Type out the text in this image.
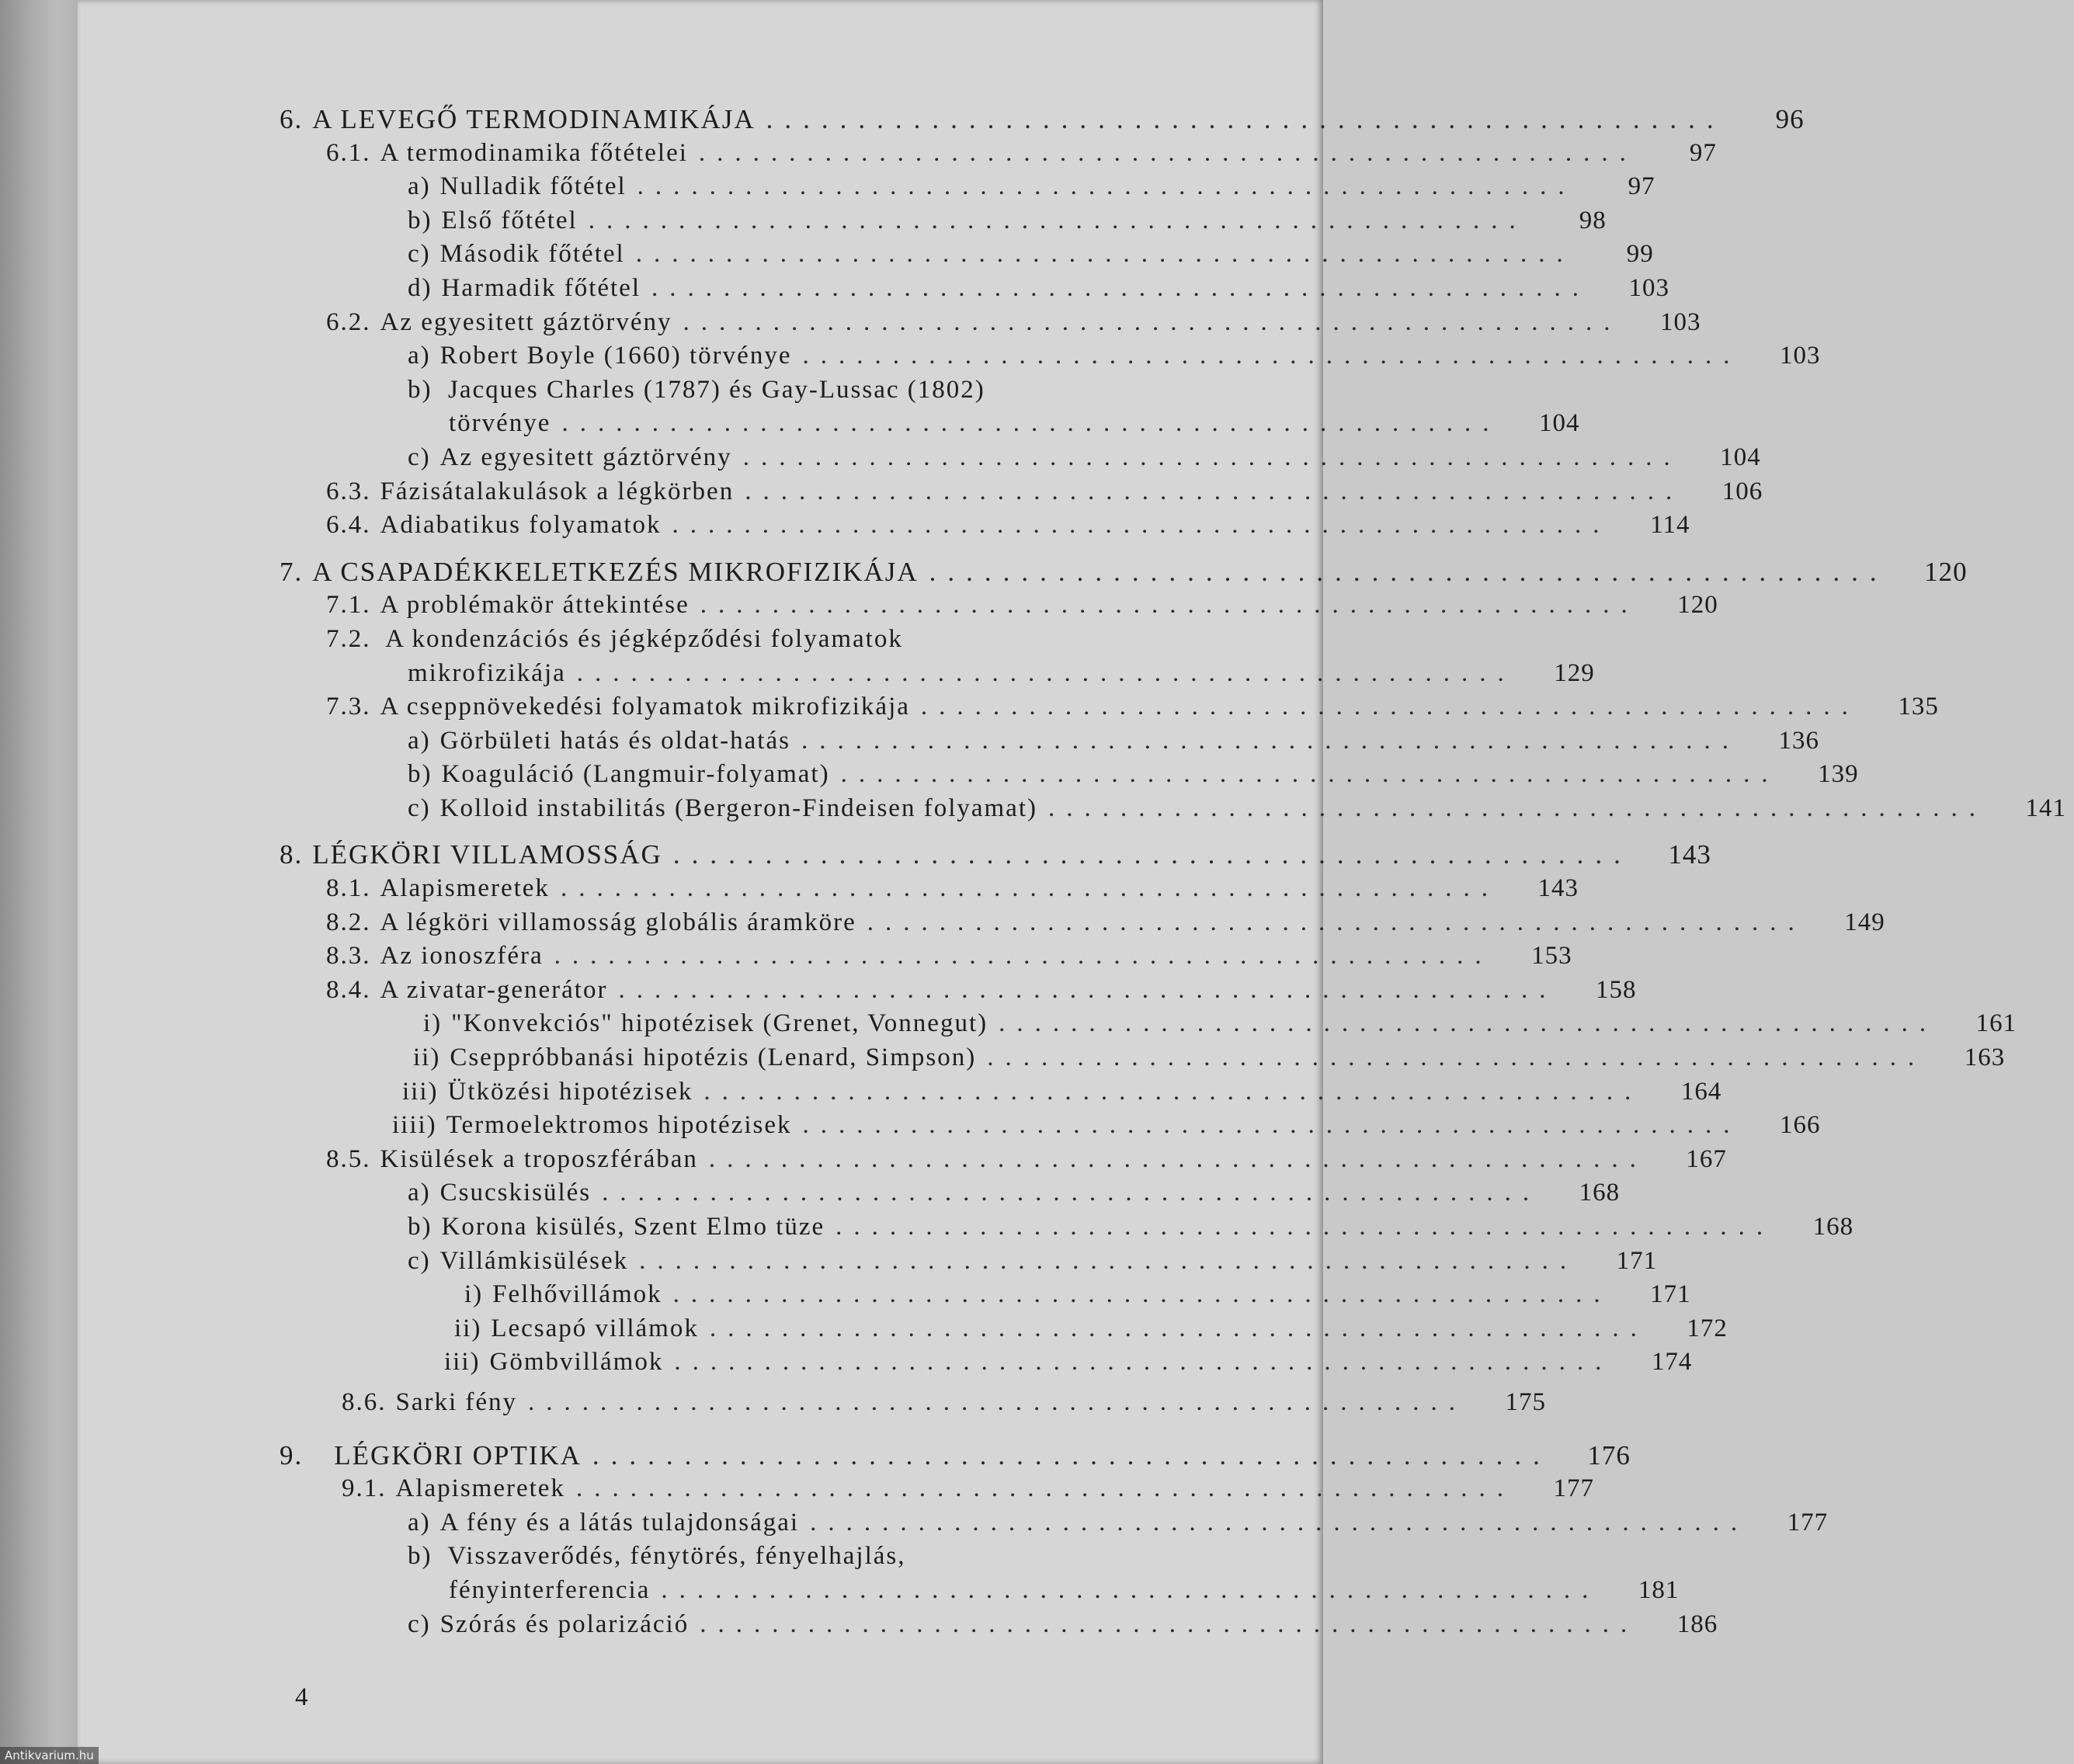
6. A LEVEGŐ TERMODINAMIKÁJA ....................................................	96
6.1. A termodinamika főtételei ....................................................	97
a) Nulladik főtétel ....................................................	97
b) Első főtétel ....................................................	98
c) Második főtétel ....................................................	99
d) Harmadik főtétel ....................................................	103
6.2. Az egyesitett gáztörvény ....................................................	103
a) Robert Boyle (1660) törvénye ....................................................	103
b) Jacques Charles (1787) és Gay-Lussac (1802)
törvénye ....................................................	104
c) Az egyesitett gáztörvény ....................................................	104
6.3. Fázisátalakulások a légkörben ....................................................	106
6.4. Adiabatikus folyamatok ....................................................	114
7. A CSAPADÉKKELETKEZÉS MIKROFIZIKÁJA ....................................................	120
7.1. A problémakör áttekintése ....................................................	120
7.2. A kondenzációs és jégképződési folyamatok
mikrofizikája ....................................................	129
7.3. A cseppnövekedési folyamatok mikrofizikája ....................................................	135
a) Görbületi hatás és oldat-hatás ....................................................	136
b) Koaguláció (Langmuir-folyamat) ....................................................	139
c) Kolloid instabilitás (Bergeron-Findeisen folyamat) ....................................................	141
8. LÉGKÖRI VILLAMOSSÁG ....................................................	143
8.1. Alapismeretek ....................................................	143
8.2. A légköri villamosság globális áramköre ....................................................	149
8.3. Az ionoszféra ....................................................	153
8.4. A zivatar-generátor ....................................................	158
i) "Konvekciós" hipotézisek (Grenet, Vonnegut) ....................................................	161
ii) Cseppróbbanási hipotézis (Lenard, Simpson) ....................................................	163
iii) Ütközési hipotézisek ....................................................	164
iiii) Termoelektromos hipotézisek ....................................................	166
8.5. Kisülések a troposzférában ....................................................	167
a) Csucskisülés ....................................................	168
b) Korona kisülés, Szent Elmo tüze ....................................................	168
c) Villámkisülések ....................................................	171
i) Felhővillámok ....................................................	171
ii) Lecsapó villámok ....................................................	172
iii) Gömbvillámok ....................................................	174
8.6. Sarki fény ....................................................	175
9. LÉGKÖRI OPTIKA ....................................................	176
9.1. Alapismeretek ....................................................	177
a) A fény és a látás tulajdonságai ....................................................	177
b) Visszaverődés, fénytörés, fényelhajlás,
fényinterferencia ....................................................	181
c) Szórás és polarizáció ....................................................	186
4
Antikvarium.hu
